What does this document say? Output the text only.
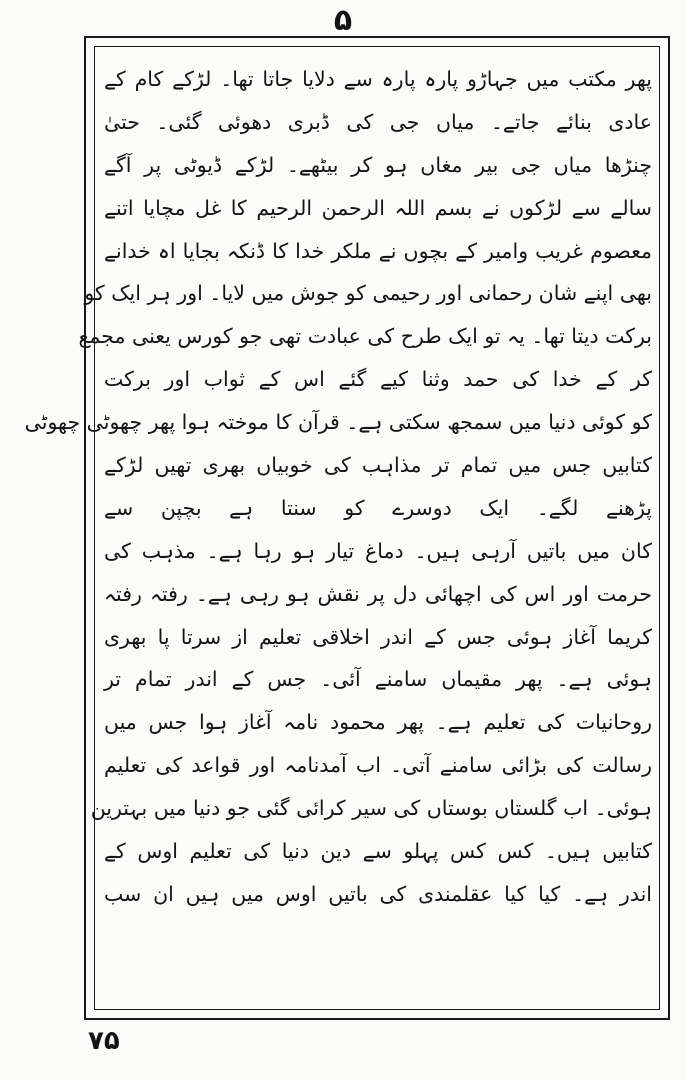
۵
پھر مکتب میں جہاڑو پارہ پارہ سے دلایا جاتا تھا۔ لڑکے کام کے
عادی بنائے جاتے۔ میاں جی کی ڈبری دھوئی گئی۔ حتیٰ
چنڑھا میاں جی بیر مغاں ہو کر بیٹھے۔ لڑکے ڈیوٹی پر آگے
سالے سے لڑکوں نے بسم اللہ الرحمن الرحیم کا غل مچایا اتنے
معصوم غریب وامیر کے بچوں نے ملکر خدا کا ڈنکہ بجایا اہ خدانے
بھی اپنے شان رحمانی اور رحیمی کو جوش میں لایا۔ اور ہر ایک کو
برکت دیتا تھا۔ یہ تو ایک طرح کی عبادت تھی جو کورس یعنی مجمع
کر کے خدا کی حمد وثنا کیے گئے اس کے ثواب اور برکت
کو کوئی دنیا میں سمجھ سکتی ہے۔ قرآن کا موختہ ہوا پھر چھوٹی چھوٹی
کتابیں جس میں تمام تر مذاہب کی خوبیاں بھری تھیں لڑکے
پڑھنے لگے۔ ایک دوسرے کو سنتا ہے بچپن سے
کان میں باتیں آرہی ہیں۔ دماغ تیار ہو رہا ہے۔ مذہب کی
حرمت اور اس کی اچھائی دل پر نقش ہو رہی ہے۔ رفتہ رفتہ
کریما آغاز ہوئی جس کے اندر اخلاقی تعلیم از سرتا پا بھری
ہوئی ہے۔ پھر مقیماں سامنے آئی۔ جس کے اندر تمام تر
روحانیات کی تعلیم ہے۔ پھر محمود نامہ آغاز ہوا جس میں
رسالت کی بڑائی سامنے آتی۔ اب آمدنامہ اور قواعد کی تعلیم
ہوئی۔ اب گلستاں بوستاں کی سیر کرائی گئی جو دنیا میں بہترین
کتابیں ہیں۔ کس کس پہلو سے دین دنیا کی تعلیم اوس کے
اندر ہے۔ کیا کیا عقلمندی کی باتیں اوس میں ہیں ان سب
۷۵
